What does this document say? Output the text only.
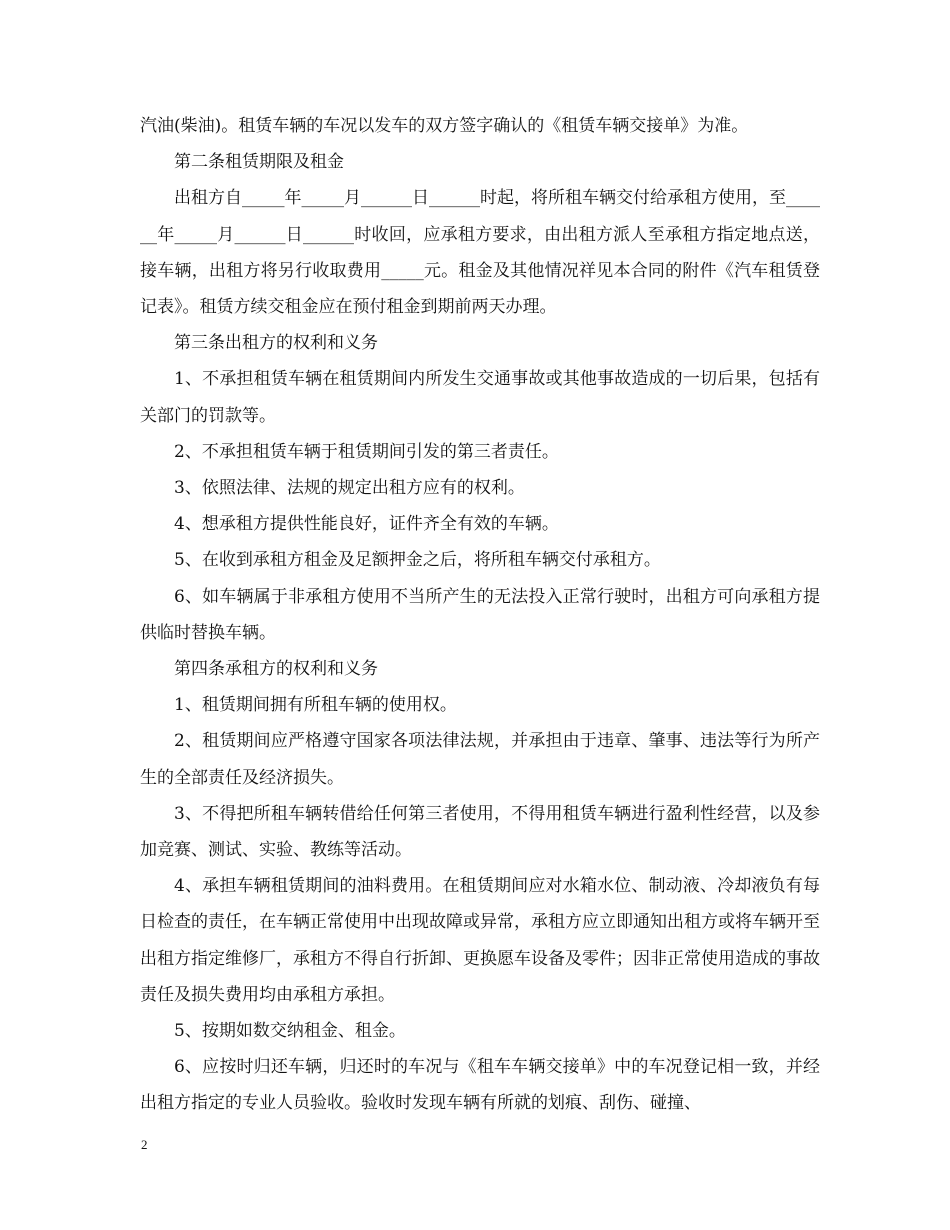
汽油(柴油)。租赁车辆的车况以发车的双方签字确认的《租赁车辆交接单》为准。

第二条租赁期限及租金

出租方自_____年_____月______日______时起，将所租车辆交付给承租方使用，至______年_____月______日______时收回，应承租方要求，由出租方派人至承租方指定地点送，接车辆，出租方将另行收取费用_____元。租金及其他情况祥见本合同的附件《汽车租赁登记表》。租赁方续交租金应在预付租金到期前两天办理。

第三条出租方的权利和义务

1、不承担租赁车辆在租赁期间内所发生交通事故或其他事故造成的一切后果，包括有关部门的罚款等。

2、不承担租赁车辆于租赁期间引发的第三者责任。

3、依照法律、法规的规定出租方应有的权利。

4、想承租方提供性能良好，证件齐全有效的车辆。

5、在收到承租方租金及足额押金之后，将所租车辆交付承租方。

6、如车辆属于非承租方使用不当所产生的无法投入正常行驶时，出租方可向承租方提供临时替换车辆。

第四条承租方的权利和义务

1、租赁期间拥有所租车辆的使用权。

2、租赁期间应严格遵守国家各项法律法规，并承担由于违章、肇事、违法等行为所产生的全部责任及经济损失。

3、不得把所租车辆转借给任何第三者使用，不得用租赁车辆进行盈利性经营，以及参加竞赛、测试、实验、教练等活动。

4、承担车辆租赁期间的油料费用。在租赁期间应对水箱水位、制动液、冷却液负有每日检查的责任，在车辆正常使用中出现故障或异常，承租方应立即通知出租方或将车辆开至出租方指定维修厂，承租方不得自行折卸、更换愿车设备及零件；因非正常使用造成的事故责任及损失费用均由承租方承担。

5、按期如数交纳租金、租金。

6、应按时归还车辆，归还时的车况与《租车车辆交接单》中的车况登记相一致，并经出租方指定的专业人员验收。验收时发现车辆有所就的划痕、刮伤、碰撞、

2
